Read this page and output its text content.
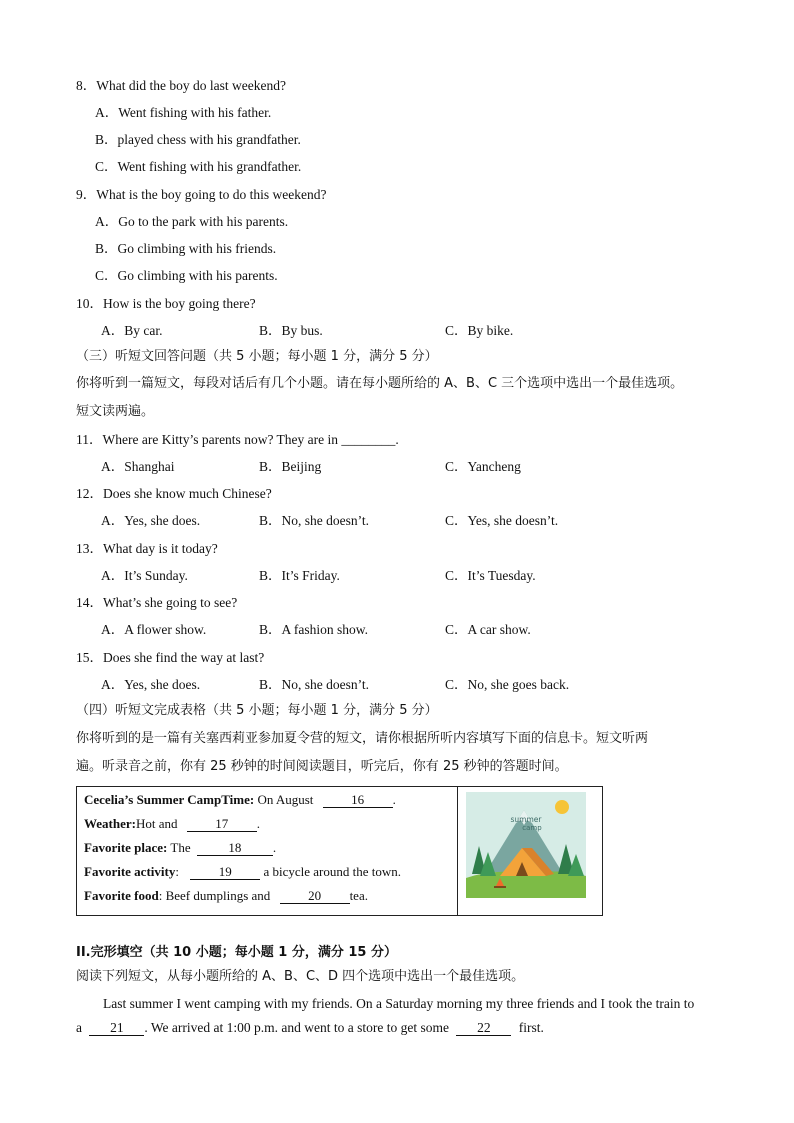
8．What did the boy do last weekend?
A．Went fishing with his father.
B．played chess with his grandfather.
C．Went fishing with his grandfather.
9．What is the boy going to do this weekend?
A．Go to the park with his parents.
B．Go climbing with his friends.
C．Go climbing with his parents.
10．How is the boy going there?
A．By car.	B．By bus.	C．By bike.
（三）听短文回答问题（共 5 小题；每小题 1 分，满分 5 分）
你将听到一篇短文，每段对话后有几个小题。请在每小题所给的 A、B、C 三个选项中选出一个最佳选项。
短文读两遍。
11．Where are Kitty’s parents now? They are in ________.
A．Shanghai	B．Beijing	C．Yancheng
12．Does she know much Chinese?
A．Yes, she does.	B．No, she doesn’t.	C．Yes, she doesn’t.
13．What day is it today?
A．It’s Sunday.	B．It’s Friday.	C．It’s Tuesday.
14．What’s she going to see?
A．A flower show.	B．A fashion show.	C．A car show.
15．Does she find the way at last?
A．Yes, she does.	B．No, she doesn’t.	C．No, she goes back.
（四）听短文完成表格（共 5 小题；每小题 1 分，满分 5 分）
你将听到的是一篇有关塞西莉亚参加夏令营的短文，请你根据所听内容填写下面的信息卡。短文听两
遍。听录音之前，你有 25 秒钟的时间阅读题目，听完后，你有 25 秒钟的答题时间。
Cecelia’s Summer CampTime: On August	16 .
Weather:Hot and	17 .
Favorite place: The	18 .
Favorite activity:	19 a bicycle around the town.
Favorite food: Beef dumplings and	20 tea.
summer
camp
II.完形填空（共 10 小题；每小题 1 分，满分 15 分）
阅读下列短文，从每小题所给的 A、B、C、D 四个选项中选出一个最佳选项。
Last summer I went camping with my friends. On a Saturday morning my three friends and I took the train to
a 21 . We arrived at 1:00 p.m. and went to a store to get some 22 first.
